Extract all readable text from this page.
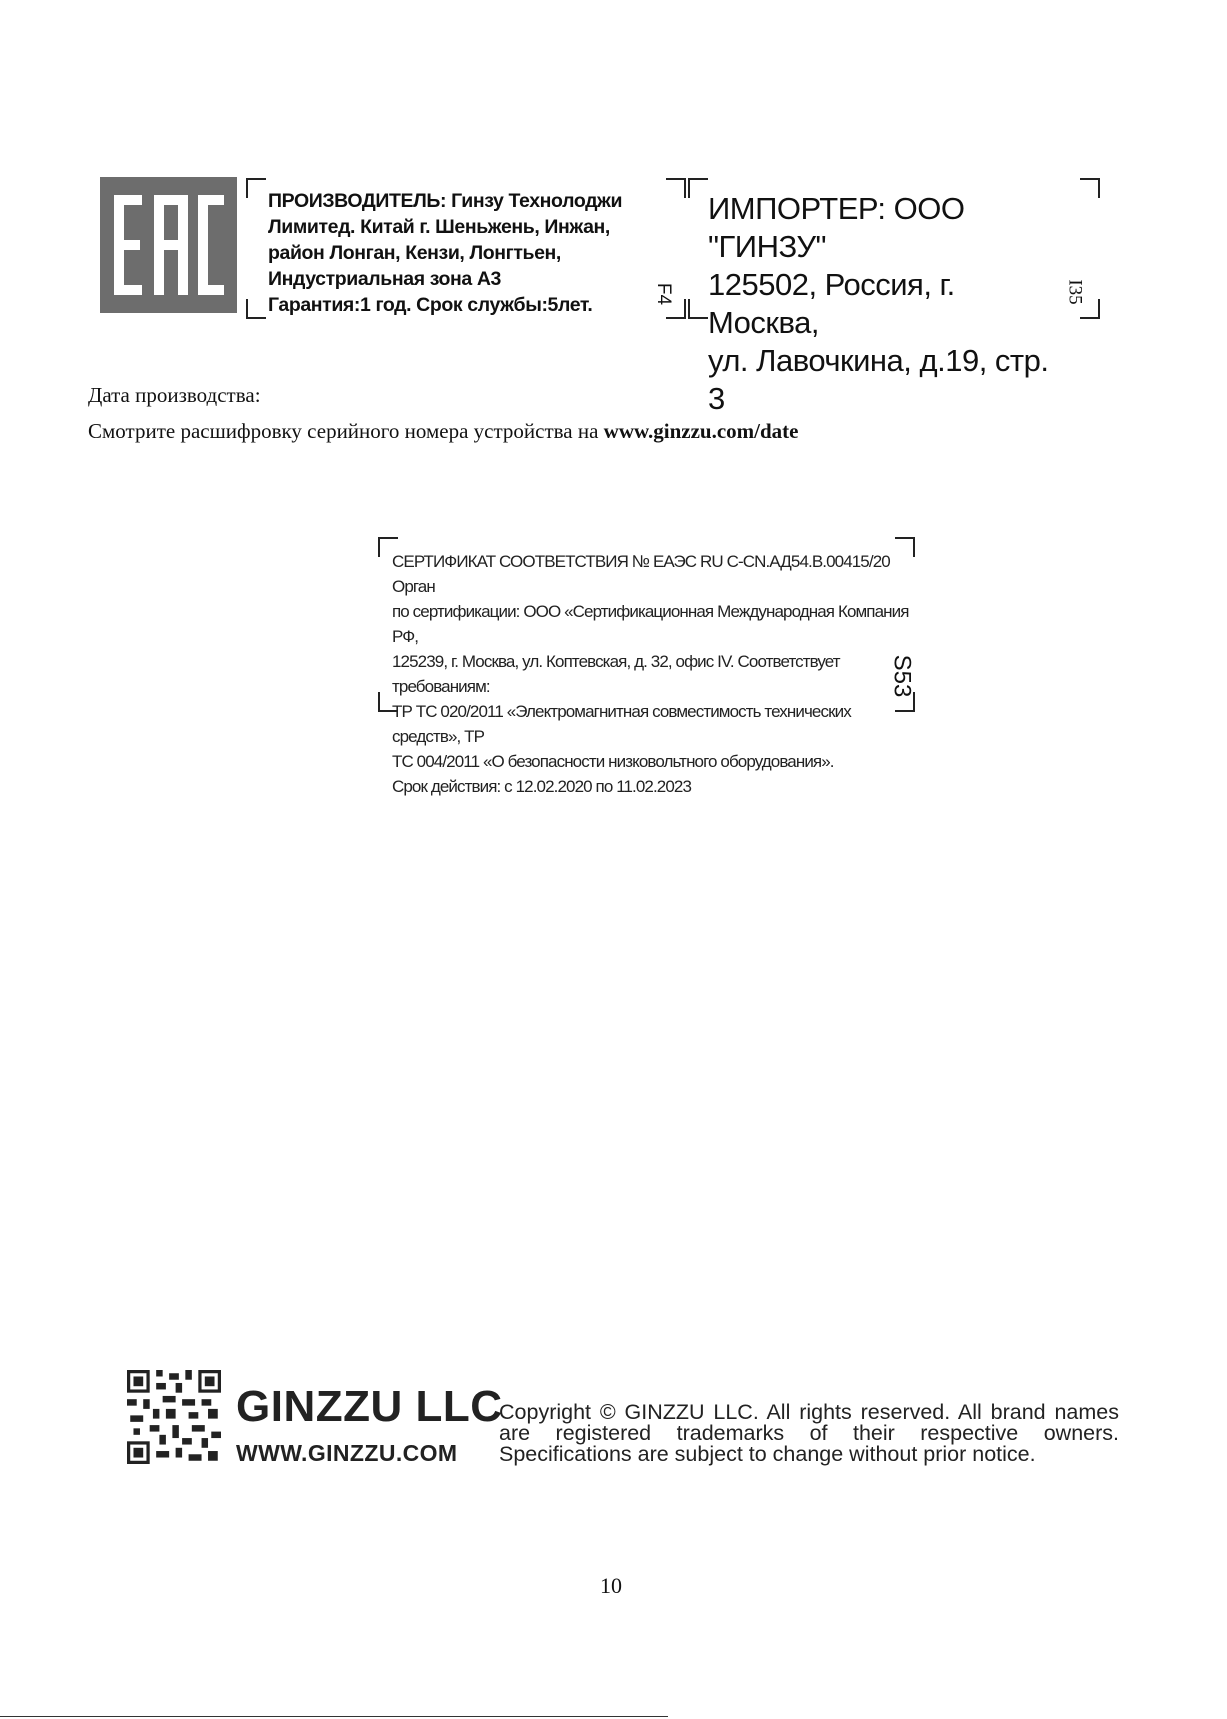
ПРОИЗВОДИТЕЛЬ: Гинзу Технолоджи
Лимитед. Китай г. Шеньжень, Инжан,
район Лонган, Кензи, Лонгтьен,
Индустриальная зона А3
Гарантия:1 год. Срок службы:5лет.	F4
ИМПОРТЕР: ООО "ГИНЗУ"
125502, Россия, г. Москва,
ул. Лавочкина, д.19, стр. 3
I35
Дата производства:
Смотрите расшифровку серийного номера устройства на www.ginzzu.com/date
СЕРТИФИКАТ СООТВЕТСТВИЯ № ЕАЭС RU C-CN.АД54.В.00415/20 Орган
по сертификации: ООО «Сертификационная Международная Компания РФ,
125239, г. Москва, ул. Коптевская, д. 32, офис IV. Соответствует требованиям:
ТР ТС 020/2011 «Электромагнитная совместимость технических средств», ТР
ТС 004/2011 «О безопасности низковольтного оборудования».
Срок действия: с 12.02.2020 по 11.02.2023
S53
GINZZU LLC
WWW.GINZZU.COM
Copyright © GINZZU LLC. All rights reserved. All brand names
are registered trademarks of their respective owners.
Specifications are subject to change without prior notice.
10
